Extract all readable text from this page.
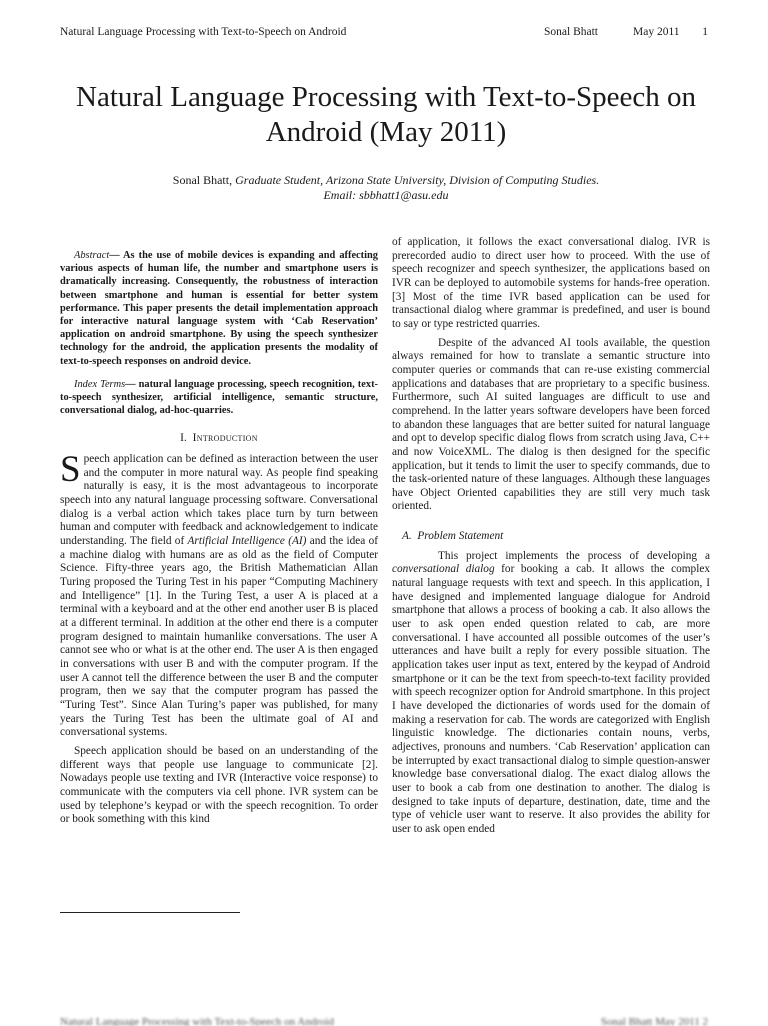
Natural Language Processing with Text-to-Speech on Android	Sonal Bhatt	May 2011 1
Natural Language Processing with Text-to-Speech on Android (May 2011)
Sonal Bhatt, Graduate Student, Arizona State University, Division of Computing Studies.
Email: sbbhatt1@asu.edu

Abstract— As the use of mobile devices is expanding and affecting various aspects of human life, the number and smartphone users is dramatically increasing. Consequently, the robustness of interaction between smartphone and human is essential for better system performance. This paper presents the detail implementation approach for interactive natural language system with ‘Cab Reservation’ application on android smartphone. By using the speech synthesizer technology for the android, the application presents the modality of text-to-speech responses on android device.

Index Terms— natural language processing, speech recognition, text-to-speech synthesizer, artificial intelligence, semantic structure, conversational dialog, ad-hoc-quarries.

I. Introduction

Speech application can be defined as interaction between the user and the computer in more natural way. As people find speaking naturally is easy, it is the most advantageous to incorporate speech into any natural language processing software. Conversational dialog is a verbal action which takes place turn by turn between human and computer with feedback and acknowledgement to indicate understanding. The field of Artificial Intelligence (AI) and the idea of a machine dialog with humans are as old as the field of Computer Science. Fifty-three years ago, the British Mathematician Allan Turing proposed the Turing Test in his paper “Computing Machinery and Intelligence” [1]. In the Turing Test, a user A is placed at a terminal with a keyboard and at the other end another user B is placed at a different terminal. In addition at the other end there is a computer program designed to maintain humanlike conversations. The user A cannot see who or what is at the other end. The user A is then engaged in conversations with user B and with the computer program. If the user A cannot tell the difference between the user B and the computer program, then we say that the computer program has passed the “Turing Test”. Since Alan Turing’s paper was published, for many years the Turing Test has been the ultimate goal of AI and conversational systems.

Speech application should be based on an understanding of the different ways that people use language to communicate [2]. Nowadays people use texting and IVR (Interactive voice response) to communicate with the computers via cell phone. IVR system can be used by telephone’s keypad or with the speech recognition. To order or book something with this kind

of application, it follows the exact conversational dialog. IVR is prerecorded audio to direct user how to proceed. With the use of speech recognizer and speech synthesizer, the applications based on IVR can be deployed to automobile systems for hands-free operation.[3] Most of the time IVR based application can be used for transactional dialog where grammar is predefined, and user is bound to say or type restricted quarries.

Despite of the advanced AI tools available, the question always remained for how to translate a semantic structure into computer queries or commands that can re-use existing commercial applications and databases that are proprietary to a specific business. Furthermore, such AI suited languages are difficult to use and comprehend. In the latter years software developers have been forced to abandon these languages that are better suited for natural language and opt to develop specific dialog flows from scratch using Java, C++ and now VoiceXML. The dialog is then designed for the specific application, but it tends to limit the user to specify commands, due to the task-oriented nature of these languages. Although these languages have Object Oriented capabilities they are still very much task oriented.

A. Problem Statement

This project implements the process of developing a conversational dialog for booking a cab. It allows the complex natural language requests with text and speech. In this application, I have designed and implemented language dialogue for Android smartphone that allows a process of booking a cab. It also allows the user to ask open ended question related to cab, are more conversational. I have accounted all possible outcomes of the user’s utterances and have built a reply for every possible situation. The application takes user input as text, entered by the keypad of Android smartphone or it can be the text from speech-to-text facility provided with speech recognizer option for Android smartphone. In this project I have developed the dictionaries of words used for the domain of making a reservation for cab. The words are categorized with English linguistic knowledge. The dictionaries contain nouns, verbs, adjectives, pronouns and numbers. ‘Cab Reservation’ application can be interrupted by exact transactional dialog to simple question-answer knowledge base conversational dialog. The exact dialog allows the user to book a cab from one destination to another. The dialog is designed to take inputs of departure, destination, date, time and the type of vehicle user want to reserve. It also provides the ability for user to ask open ended

Natural Language Processing with Text-to-Speech on Android	Sonal Bhatt May 2011 2
